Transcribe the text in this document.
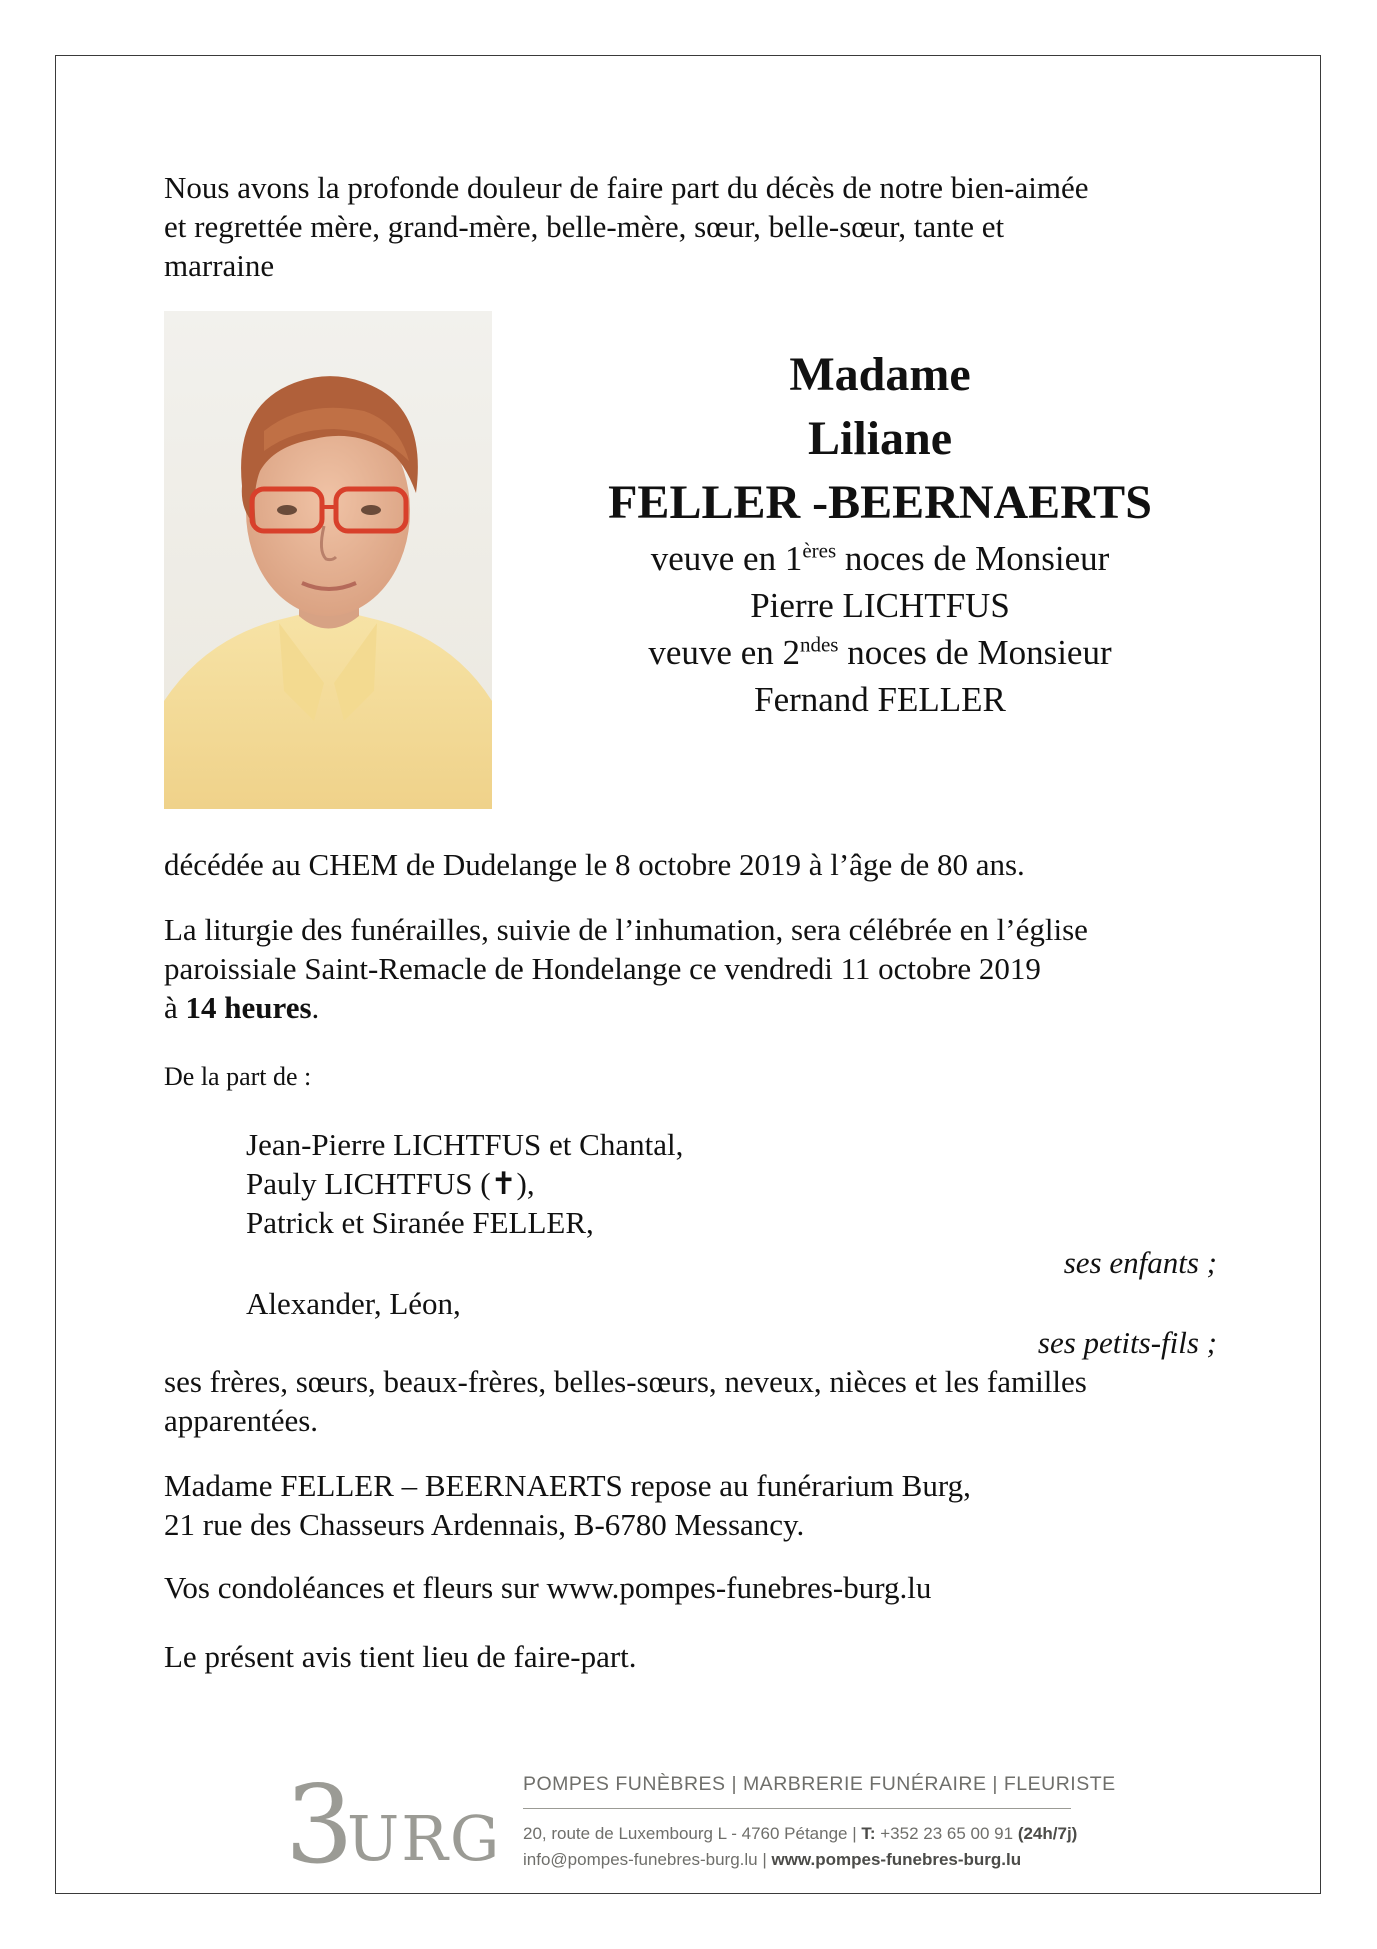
Nous avons la profonde douleur de faire part du décès de notre bien-aimée
et regrettée mère, grand-mère, belle-mère, sœur, belle-sœur, tante et
marraine
Madame
Liliane
FELLER -BEERNAERTS
veuve en 1ères noces de Monsieur
Pierre LICHTFUS
veuve en $2^{ndes}$ noces de Monsieur
Fernand FELLER
décédée au CHEM de Dudelange le 8 octobre 2019 à l’âge de 80 ans.
La liturgie des funérailles, suivie de l’inhumation, sera célébrée en l’église
paroissiale Saint-Remacle de Hondelange ce vendredi 11 octobre 2019
à 14 heures.
De la part de :
Jean-Pierre LICHTFUS et Chantal,
Pauly LICHTFUS (✝),
Patrick et Siranée FELLER,
ses enfants ;
Alexander, Léon,
ses petits-fils ;
ses frères, sœurs, beaux-frères, belles-sœurs, neveux, nièces et les familles
apparentées.
Madame FELLER – BEERNAERTS repose au funérarium Burg,
21 rue des Chasseurs Ardennais, B-6780 Messancy.
Vos condoléances et fleurs sur www.pompes-funebres-burg.lu
Le présent avis tient lieu de faire-part.
3
URG
POMPES FUNÈBRES | MARBRERIE FUNÉRAIRE | FLEURISTE
20, route de Luxembourg L - 4760 Pétange | T: +352 23 65 00 91 (24h/7j)
info@pompes-funebres-burg.lu | www.pompes-funebres-burg.lu
